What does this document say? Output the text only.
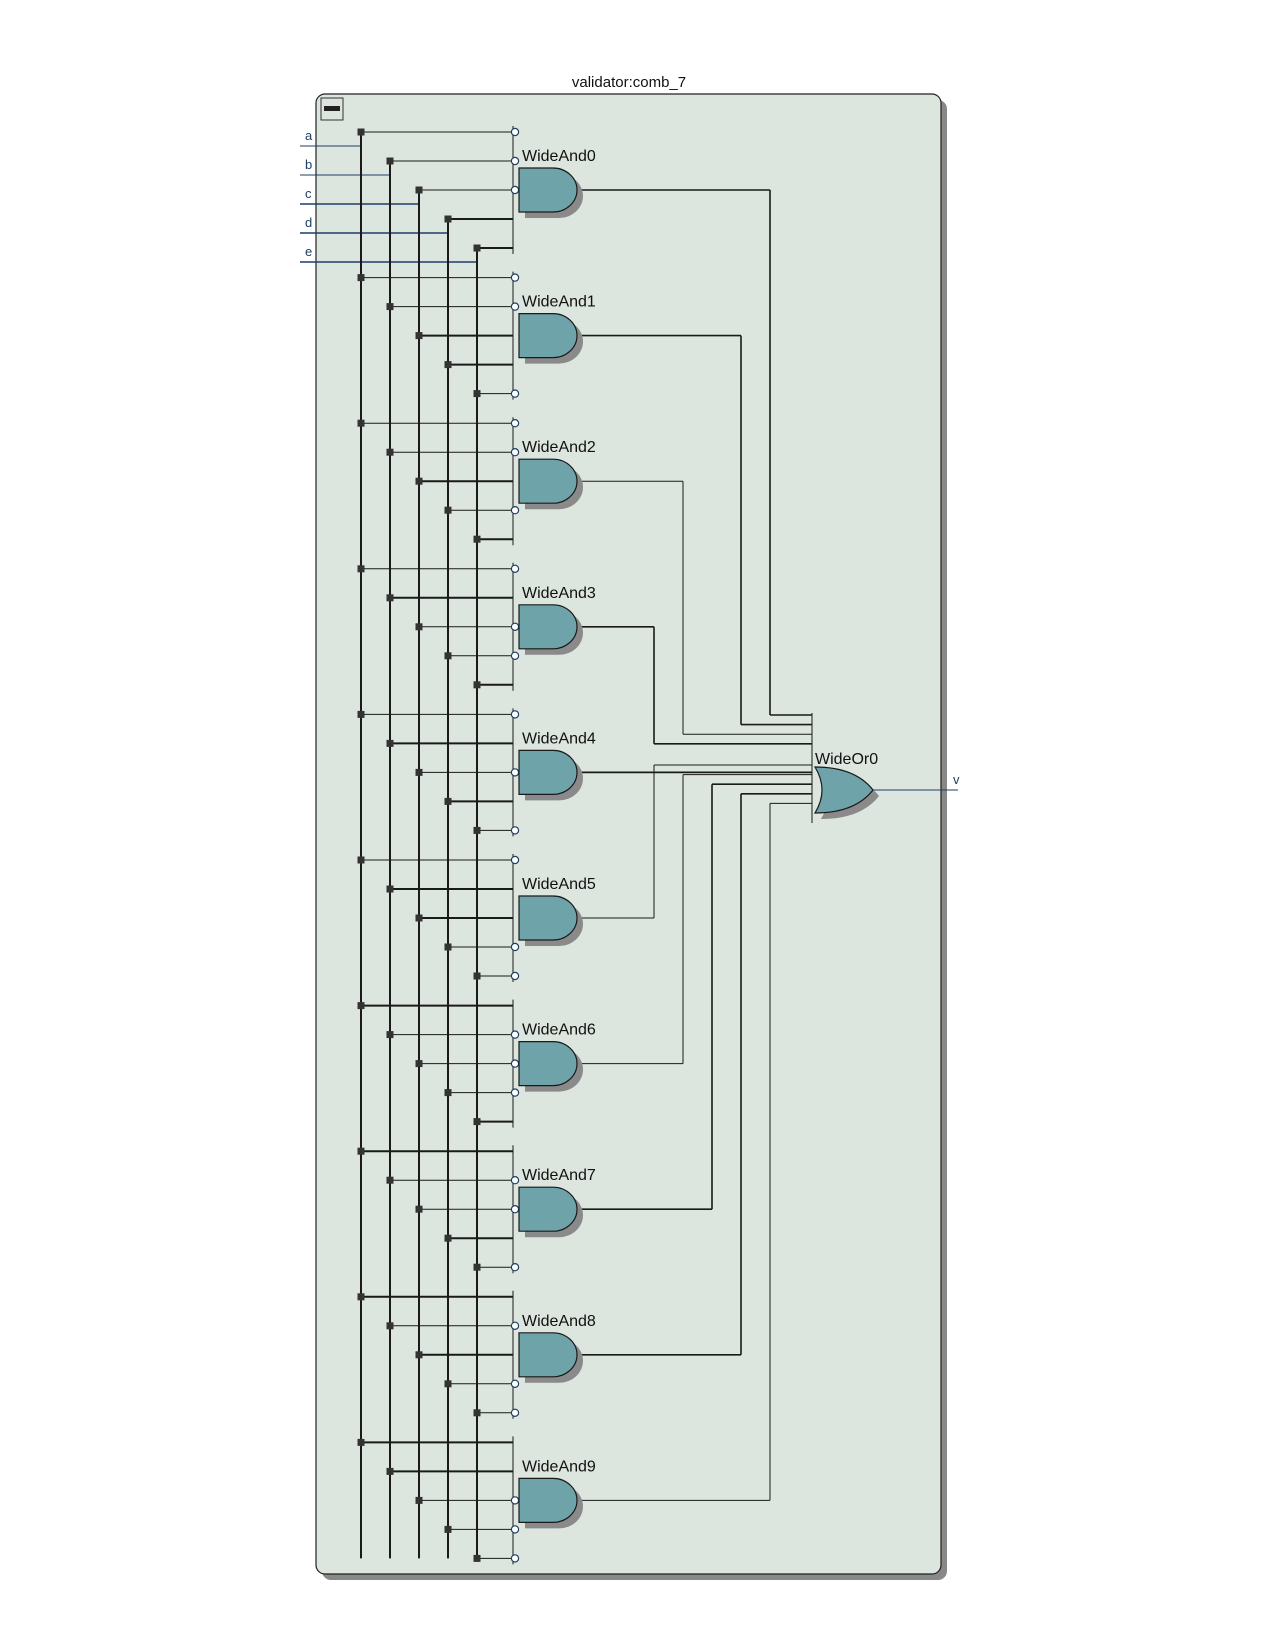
validator:comb_7
a
b
c
d
e
WideAnd0
WideAnd1
WideAnd2
WideAnd3
WideAnd4
WideAnd5
WideAnd6
WideAnd7
WideAnd8
WideAnd9
WideOr0
v
